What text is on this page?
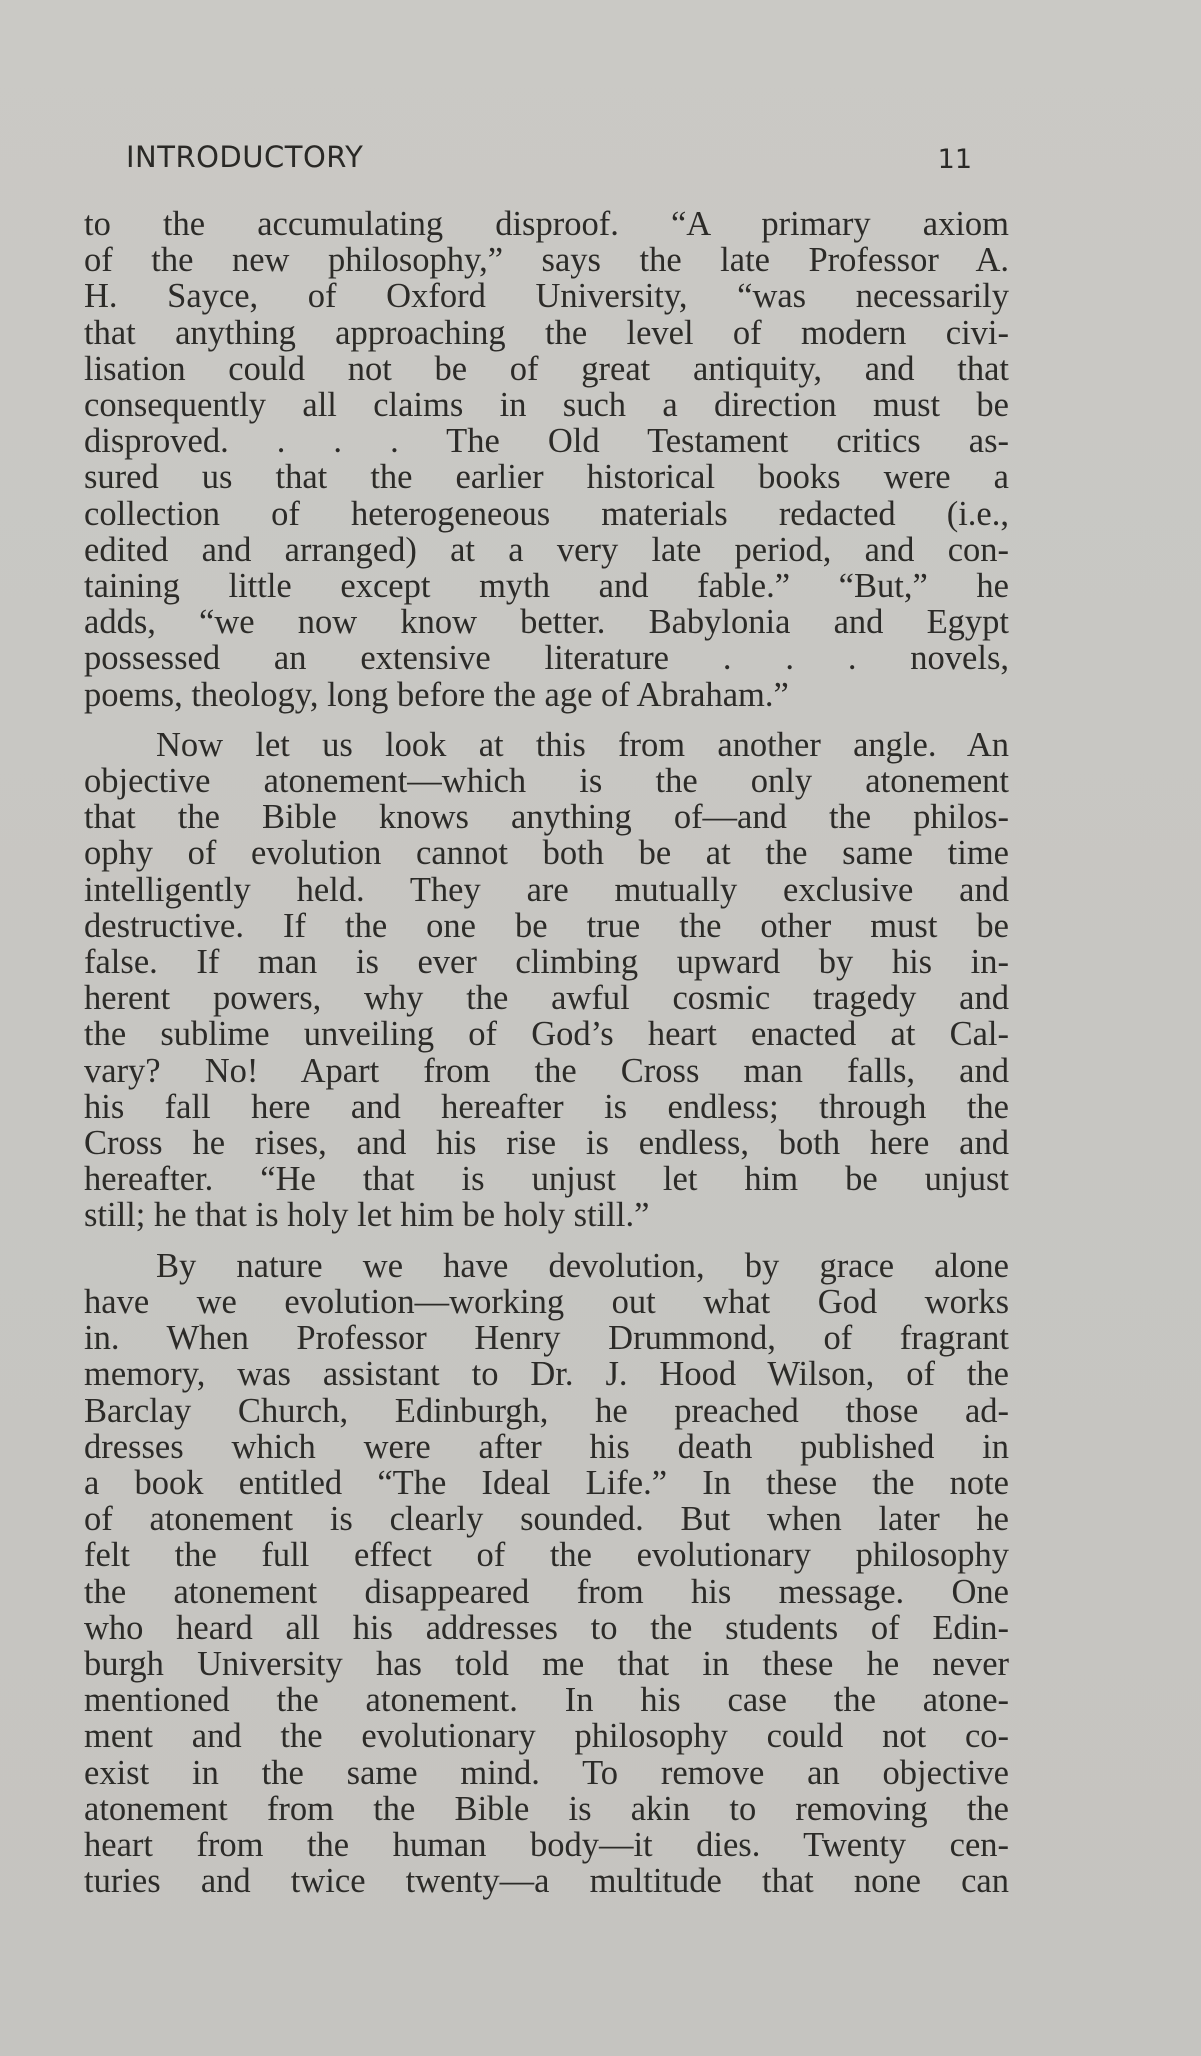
INTRODUCTORY	11

to the accumulating disproof. “A primary axiom
of the new philosophy,” says the late Professor A.
H. Sayce, of Oxford University, “was necessarily
that anything approaching the level of modern civi-
lisation could not be of great antiquity, and that
consequently all claims in such a direction must be
disproved. . . . The Old Testament critics as-
sured us that the earlier historical books were a
collection of heterogeneous materials redacted (i.e.,
edited and arranged) at a very late period, and con-
taining little except myth and fable.” “But,” he
adds, “we now know better. Babylonia and Egypt
possessed an extensive literature . . . novels,
poems, theology, long before the age of Abraham.”

Now let us look at this from another angle. An
objective atonement—which is the only atonement
that the Bible knows anything of—and the philos-
ophy of evolution cannot both be at the same time
intelligently held. They are mutually exclusive and
destructive. If the one be true the other must be
false. If man is ever climbing upward by his in-
herent powers, why the awful cosmic tragedy and
the sublime unveiling of God’s heart enacted at Cal-
vary? No! Apart from the Cross man falls, and
his fall here and hereafter is endless; through the
Cross he rises, and his rise is endless, both here and
hereafter. “He that is unjust let him be unjust
still; he that is holy let him be holy still.”

By nature we have devolution, by grace alone
have we evolution—working out what God works
in. When Professor Henry Drummond, of fragrant
memory, was assistant to Dr. J. Hood Wilson, of the
Barclay Church, Edinburgh, he preached those ad-
dresses which were after his death published in
a book entitled “The Ideal Life.” In these the note
of atonement is clearly sounded. But when later he
felt the full effect of the evolutionary philosophy
the atonement disappeared from his message. One
who heard all his addresses to the students of Edin-
burgh University has told me that in these he never
mentioned the atonement. In his case the atone-
ment and the evolutionary philosophy could not co-
exist in the same mind. To remove an objective
atonement from the Bible is akin to removing the
heart from the human body—it dies. Twenty cen-
turies and twice twenty—a multitude that none can
